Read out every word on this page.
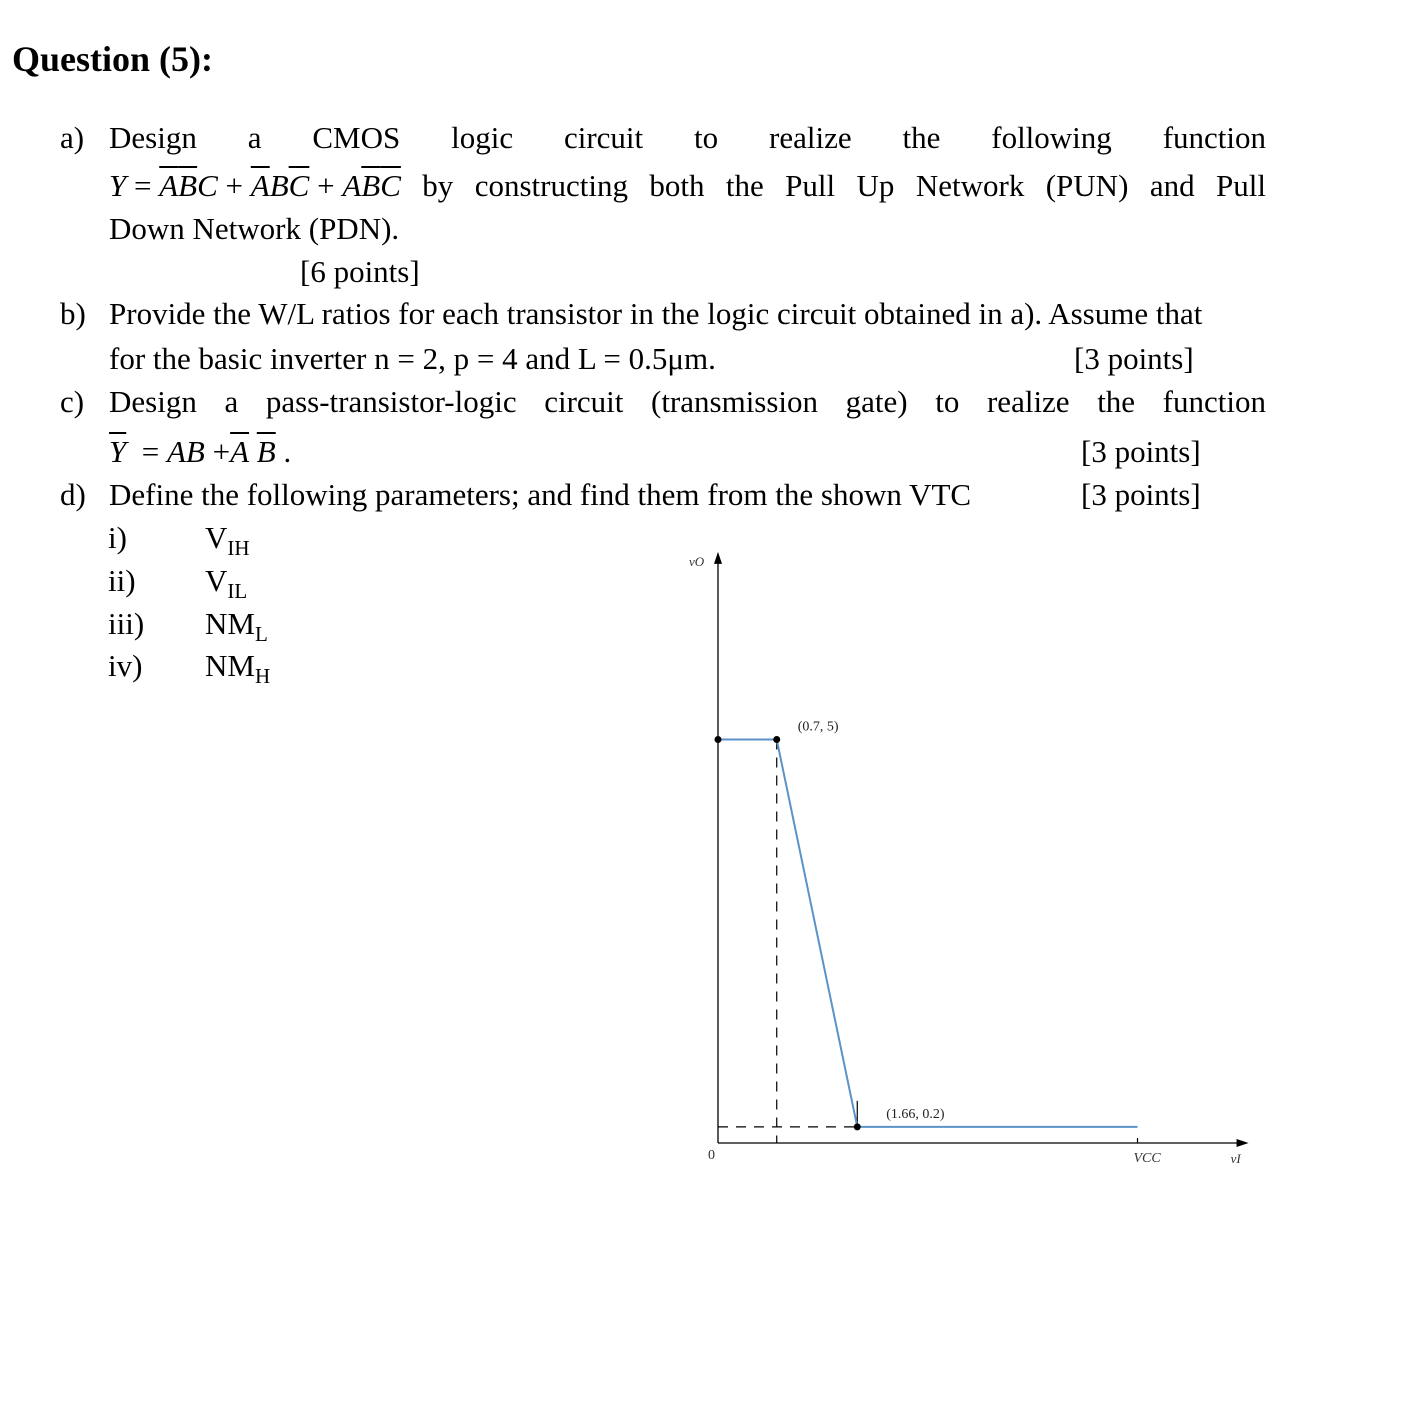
Question (5):
a) Design a CMOS logic circuit to realize the following function
$Y = \overline{A}\overline{B}C + \overline{A}B\overline{C} + A\overline{B}\overline{C}$ by constructing both the Pull Up Network (PUN) and Pull
Down Network (PDN).
[6 points]
b) Provide the W/L ratios for each transistor in the logic circuit obtained in a). Assume that
for the basic inverter n = 2, p = 4 and L = 0.5μm.	[3 points]
c) Design a pass-transistor-logic circuit (transmission gate) to realize the function
$\overline{Y}$ = AB $+\overline{A}$ $\overline{B}$ .	[3 points]
d) Define the following parameters; and find them from the shown VTC	[3 points]
i)	$V_{IH}$
ii) $V_{IL}$
iii) $NM_L$
iv) $NM_H$
(0.7, 5)
(1.66, 0.2)
vO
vI
0	VCC
